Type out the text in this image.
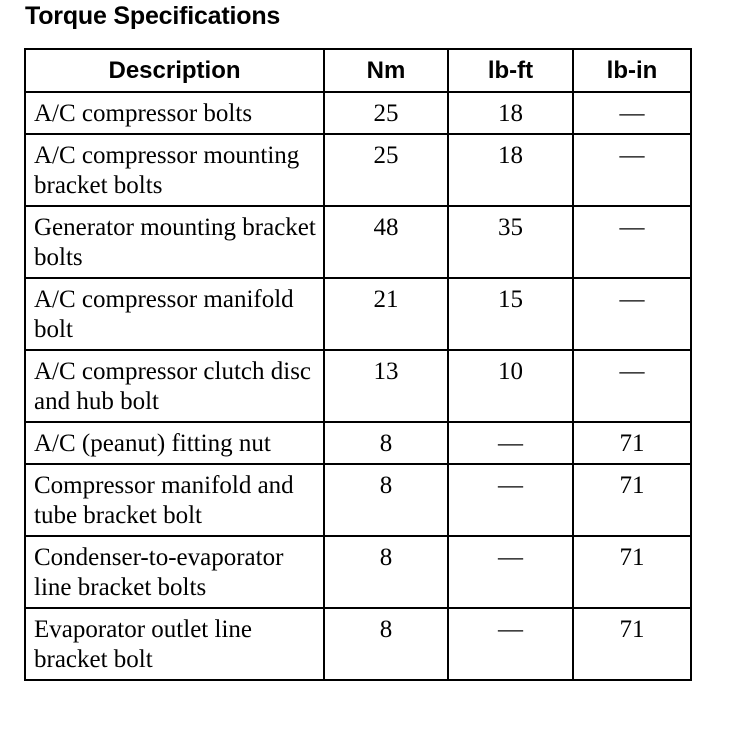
Torque Specifications
Description	Nm	lb-ft	lb-in
A/C compressor bolts	25	18	—
A/C compressor mounting bracket bolts	25	18	—
Generator mounting bracket bolts	48	35	—
A/C compressor manifold bolt	21	15	—
A/C compressor clutch disc and hub bolt	13	10	—
A/C (peanut) fitting nut	8	—	71
Compressor manifold and tube bracket bolt	8	—	71
Condenser-to-evaporator line bracket bolts	8	—	71
Evaporator outlet line bracket bolt	8	—	71
